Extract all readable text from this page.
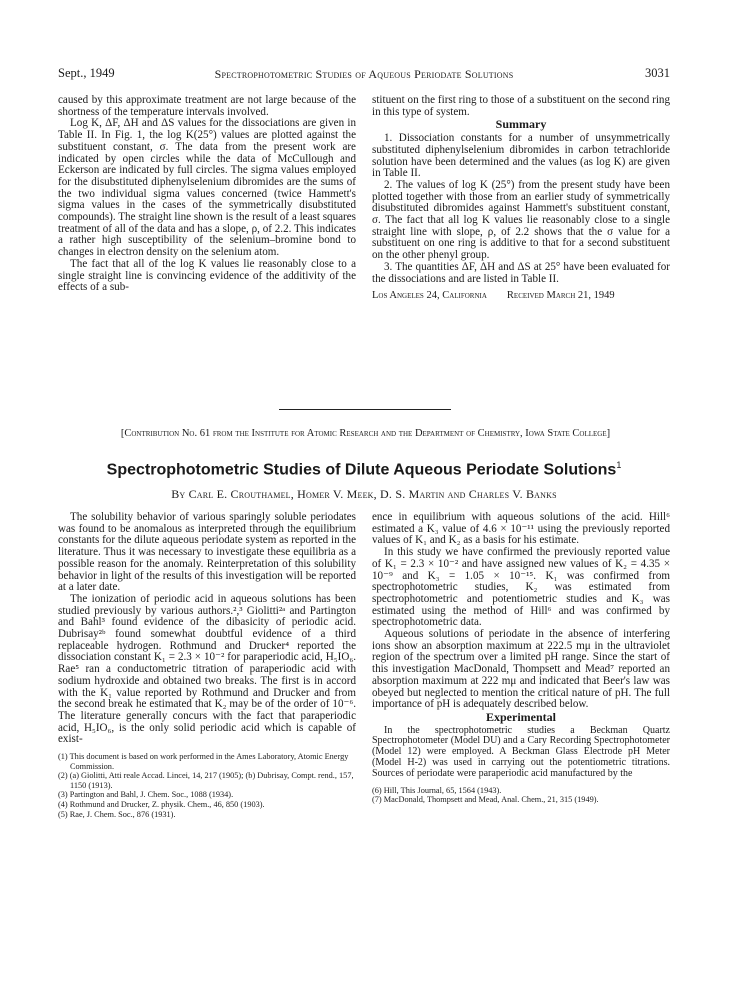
Sept., 1949	Spectrophotometric Studies of Aqueous Periodate Solutions	3031

caused by this approximate treatment are not large because of the shortness of the temperature intervals involved.

Log K, ΔF, ΔH and ΔS values for the dissociations are given in Table II. In Fig. 1, the log K(25°) values are plotted against the substituent constant, σ. The data from the present work are indicated by open circles while the data of McCullough and Eckerson are indicated by full circles. The sigma values employed for the disubstituted diphenylselenium dibromides are the sums of the two individual sigma values concerned (twice Hammett's sigma values in the cases of the symmetrically disubstituted compounds). The straight line shown is the result of a least squares treatment of all of the data and has a slope, ρ, of 2.2. This indicates a rather high susceptibility of the selenium–bromine bond to changes in electron density on the selenium atom.

The fact that all of the log K values lie reasonably close to a single straight line is convincing evidence of the additivity of the effects of a sub-

stituent on the first ring to those of a substituent on the second ring in this type of system.

Summary

1. Dissociation constants for a number of unsymmetrically substituted diphenylselenium dibromides in carbon tetrachloride solution have been determined and the values (as log K) are given in Table II.

2. The values of log K (25°) from the present study have been plotted together with those from an earlier study of symmetrically disubstituted dibromides against Hammett's substituent constant, σ. The fact that all log K values lie reasonably close to a single straight line with slope, ρ, of 2.2 shows that the σ value for a substituent on one ring is additive to that for a second substituent on the other phenyl group.

3. The quantities ΔF, ΔH and ΔS at 25° have been evaluated for the dissociations and are listed in Table II.

Los Angeles 24, California Received March 21, 1949
[Contribution No. 61 from the Institute for Atomic Research and the Department of Chemistry, Iowa State College]
Spectrophotometric Studies of Dilute Aqueous Periodate Solutions$^1$
By Carl E. Crouthamel, Homer V. Meek, D. S. Martin and Charles V. Banks

The solubility behavior of various sparingly soluble periodates was found to be anomalous as interpreted through the equilibrium constants for the dilute aqueous periodate system as reported in the literature. Thus it was necessary to investigate these equilibria as a possible reason for the anomaly. Reinterpretation of this solubility behavior in light of the results of this investigation will be reported at a later date.

The ionization of periodic acid in aqueous solutions has been studied previously by various authors.²,³ Giolitti²ᵃ and Partington and Bahl³ found evidence of the dibasicity of periodic acid. Dubrisay²ᵇ found somewhat doubtful evidence of a third replaceable hydrogen. Rothmund and Drucker⁴ reported the dissociation constant K₁ = 2.3 × 10⁻² for paraperiodic acid, H₅IO₆. Rae⁵ ran a conductometric titration of paraperiodic acid with sodium hydroxide and obtained two breaks. The first is in accord with the K₁ value reported by Rothmund and Drucker and from the second break he estimated that K₂ may be of the order of 10⁻⁶. The literature generally concurs with the fact that paraperiodic acid, H₅IO₆, is the only solid periodic acid which is capable of exist-

(1) This document is based on work performed in the Ames Laboratory, Atomic Energy Commission.

(2) (a) Giolitti, Atti reale Accad. Lincei, 14, 217 (1905); (b) Dubrisay, Compt. rend., 157, 1150 (1913).

(3) Partington and Bahl, J. Chem. Soc., 1088 (1934).

(4) Rothmund and Drucker, Z. physik. Chem., 46, 850 (1903).

(5) Rae, J. Chem. Soc., 876 (1931).

ence in equilibrium with aqueous solutions of the acid. Hill⁶ estimated a K₃ value of 4.6 × 10⁻¹¹ using the previously reported values of K₁ and K₂ as a basis for his estimate.

In this study we have confirmed the previously reported value of K₁ = 2.3 × 10⁻² and have assigned new values of K₂ = 4.35 × 10⁻⁹ and K₃ = 1.05 × 10⁻¹⁵. K₁ was confirmed from spectrophotometric studies, K₂ was estimated from spectrophotometric and potentiometric studies and K₃ was estimated using the method of Hill⁶ and was confirmed by spectrophotometric data.

Aqueous solutions of periodate in the absence of interfering ions show an absorption maximum at 222.5 mμ in the ultraviolet region of the spectrum over a limited pH range. Since the start of this investigation MacDonald, Thompsett and Mead⁷ reported an absorption maximum at 222 mμ and indicated that Beer's law was obeyed but neglected to mention the critical nature of pH. The full importance of pH is adequately described below.

Experimental

In the spectrophotometric studies a Beckman Quartz Spectrophotometer (Model DU) and a Cary Recording Spectrophotometer (Model 12) were employed. A Beckman Glass Electrode pH Meter (Model H-2) was used in carrying out the potentiometric titrations. Sources of periodate were paraperiodic acid manufactured by the

(6) Hill, This Journal, 65, 1564 (1943).

(7) MacDonald, Thompsett and Mead, Anal. Chem., 21, 315 (1949).
